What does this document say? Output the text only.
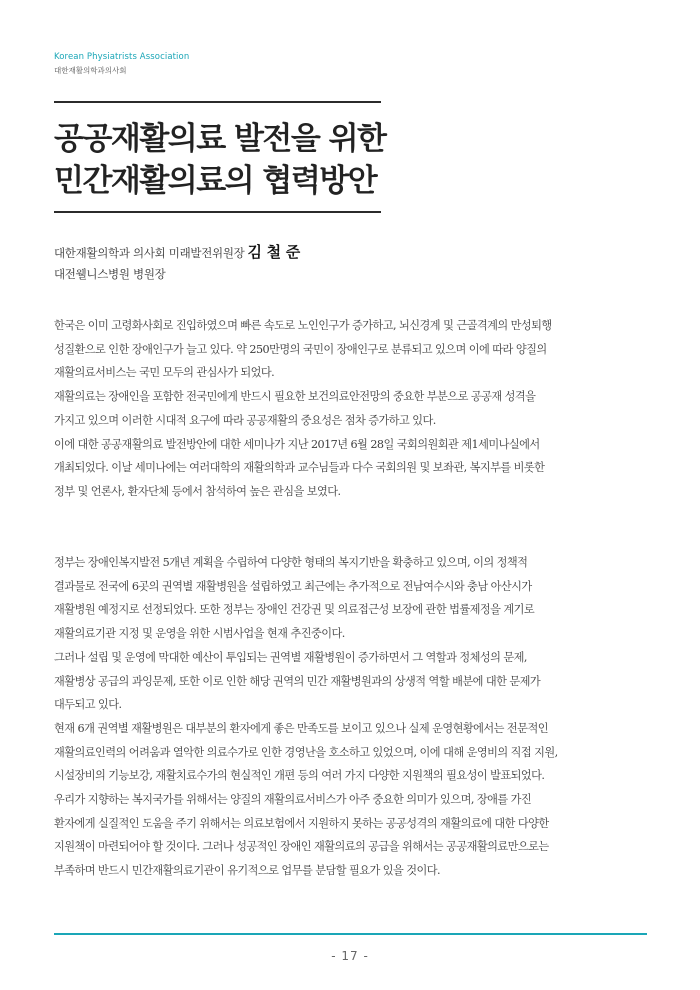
Korean Physiatrists Association
대한재활의학과의사회
공공재활의료 발전을 위한
민간재활의료의 협력방안
대한재활의학과 의사회 미래발전위원장 김 철 준
대전웰니스병원 병원장

한국은 이미 고령화사회로 진입하였으며 빠른 속도로 노인인구가 증가하고, 뇌신경계 및 근골격계의 만성퇴행

성질환으로 인한 장애인구가 늘고 있다. 약 250만명의 국민이 장애인구로 분류되고 있으며 이에 따라 양질의

재활의료서비스는 국민 모두의 관심사가 되었다.

재활의료는 장애인을 포함한 전국민에게 반드시 필요한 보건의료안전망의 중요한 부분으로 공공재 성격을

가지고 있으며 이러한 시대적 요구에 따라 공공재활의 중요성은 점차 증가하고 있다.

이에 대한 공공재활의료 발전방안에 대한 세미나가 지난 2017년 6월 28일 국회의원회관 제1세미나실에서

개최되었다. 이날 세미나에는 여러대학의 재활의학과 교수님들과 다수 국회의원 및 보좌관, 복지부를 비롯한

정부 및 언론사, 환자단체 등에서 참석하여 높은 관심을 보였다.

정부는 장애인복지발전 5개년 계획을 수립하여 다양한 형태의 복지기반을 확충하고 있으며, 이의 정책적

결과물로 전국에 6곳의 권역별 재활병원을 설립하였고 최근에는 추가적으로 전남여수시와 충남 아산시가

재활병원 예정지로 선정되었다. 또한 정부는 장애인 건강권 및 의료접근성 보장에 관한 법률제정을 계기로

재활의료기관 지정 및 운영을 위한 시범사업을 현재 추진중이다.

그러나 설립 및 운영에 막대한 예산이 투입되는 권역별 재활병원이 증가하면서 그 역할과 정체성의 문제,

재활병상 공급의 과잉문제, 또한 이로 인한 해당 권역의 민간 재활병원과의 상생적 역할 배분에 대한 문제가

대두되고 있다.

현재 6개 권역별 재활병원은 대부분의 환자에게 좋은 만족도를 보이고 있으나 실제 운영현황에서는 전문적인

재활의료인력의 어려움과 열악한 의료수가로 인한 경영난을 호소하고 있었으며, 이에 대해 운영비의 직접 지원,

시설장비의 기능보강, 재활치료수가의 현실적인 개편 등의 여러 가지 다양한 지원책의 필요성이 발표되었다.

우리가 지향하는 복지국가를 위해서는 양질의 재활의료서비스가 아주 중요한 의미가 있으며, 장애를 가진

환자에게 실질적인 도움을 주기 위해서는 의료보험에서 지원하지 못하는 공공성격의 재활의료에 대한 다양한

지원책이 마련되어야 할 것이다. 그러나 성공적인 장애인 재활의료의 공급을 위해서는 공공재활의료만으로는

부족하며 반드시 민간재활의료기관이 유기적으로 업무를 분담할 필요가 있을 것이다.

- 17 -
